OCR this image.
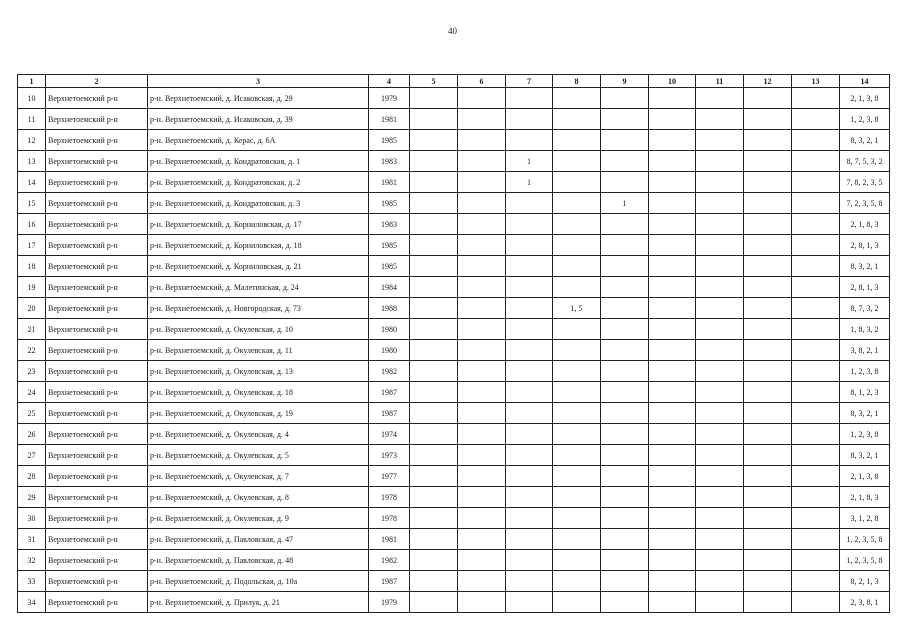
40
1	2	3	4	5	6	7	8	9	10	11	12	13	14
10	Верхнетоемский р-н	р-н. Верхнетоемский, д. Исаковская, д. 29	1979										2, 1, 3, 8
11	Верхнетоемский р-н	р-н. Верхнетоемский, д. Исаковская, д. 39	1981										1, 2, 3, 8
12	Верхнетоемский р-н	р-н. Верхнетоемский, д. Керас, д. 6А	1985										8, 3, 2, 1
13	Верхнетоемский р-н	р-н. Верхнетоемский, д. Кондратовская, д. 1	1983			1							8, 7, 5, 3, 2
14	Верхнетоемский р-н	р-н. Верхнетоемский, д. Кондратовская, д. 2	1981			1							7, 8, 2, 3, 5
15	Верхнетоемский р-н	р-н. Верхнетоемский, д. Кондратовская, д. 3	1985					1					7, 2, 3, 5, 8
16	Верхнетоемский р-н	р-н. Верхнетоемский, д. Корниловская, д. 17	1983										2, 1, 8, 3
17	Верхнетоемский р-н	р-н. Верхнетоемский, д. Корниловская, д. 18	1985										2, 8, 1, 3
18	Верхнетоемский р-н	р-н. Верхнетоемский, д. Корниловская, д. 21	1985										8, 3, 2, 1
19	Верхнетоемский р-н	р-н. Верхнетоемский, д. Малетинская, д. 24	1984										2, 8, 1, 3
20	Верхнетоемский р-н	р-н. Верхнетоемский, д. Новгородская, д. 73	1988				1, 5						8, 7, 3, 2
21	Верхнетоемский р-н	р-н. Верхнетоемский, д. Окулевская, д. 10	1980										1, 8, 3, 2
22	Верхнетоемский р-н	р-н. Верхнетоемский, д. Окулевская, д. 11	1980										3, 8, 2, 1
23	Верхнетоемский р-н	р-н. Верхнетоемский, д. Окулевская, д. 13	1982										1, 2, 3, 8
24	Верхнетоемский р-н	р-н. Верхнетоемский, д. Окулевская, д. 18	1987										8, 1, 2, 3
25	Верхнетоемский р-н	р-н. Верхнетоемский, д. Окулевская, д. 19	1987										8, 3, 2, 1
26	Верхнетоемский р-н	р-н. Верхнетоемский, д. Окулевская, д. 4	1974										1, 2, 3, 8
27	Верхнетоемский р-н	р-н. Верхнетоемский, д. Окулевская, д. 5	1973										8, 3, 2, 1
28	Верхнетоемский р-н	р-н. Верхнетоемский, д. Окулевская, д. 7	1977										2, 1, 3, 8
29	Верхнетоемский р-н	р-н. Верхнетоемский, д. Окулевская, д. 8	1978										2, 1, 8, 3
30	Верхнетоемский р-н	р-н. Верхнетоемский, д. Окулевская, д. 9	1978										3, 1, 2, 8
31	Верхнетоемский р-н	р-н. Верхнетоемский, д. Павловская, д. 47	1981										1, 2, 3, 5, 8
32	Верхнетоемский р-н	р-н. Верхнетоемский, д. Павловская, д. 48	1982										1, 2, 3, 5, 8
33	Верхнетоемский р-н	р-н. Верхнетоемский, д. Подольская, д. 10а	1987										8, 2, 1, 3
34	Верхнетоемский р-н	р-н. Верхнетоемский, д. Прилук, д. 21	1979										2, 3, 8, 1
